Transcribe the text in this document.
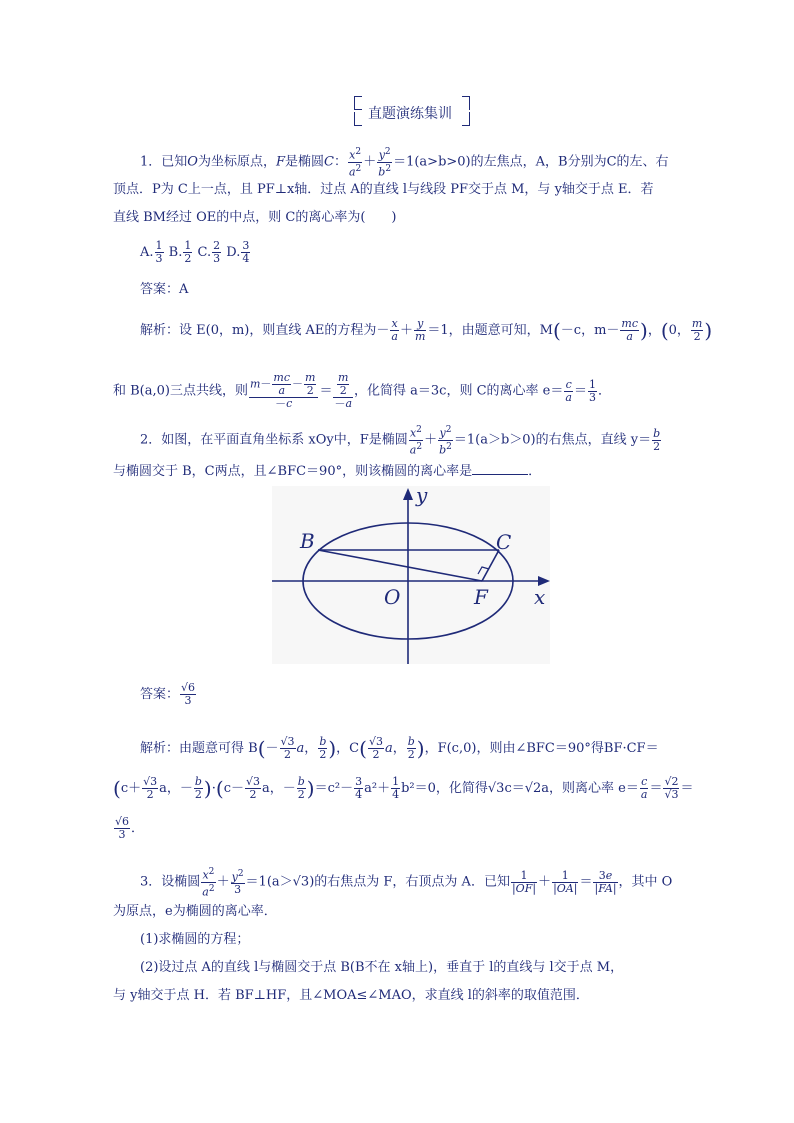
直题演练集训
1．已知O为坐标原点，F是椭圆C： $\frac{x^2}{a^2} + \frac{y^2}{b^2} =1(a>b>0)$的左焦点，A，B分别为C的左、右
顶点．P为 C上一点，且 PF⊥x轴．过点 A的直线 l与线段 PF交于点 M，与 y轴交于点 E．若
直线 BM经过 OE的中点，则 C的离心率为(　　)
A. $\frac{1}{3} B$. $\frac{1}{2} C$. $\frac{2}{3} D$. $\frac{3}{4}$
答案：A
解析：设 E(0，m)，则直线 AE的方程为－ $\frac{x}{a} + \frac{y}{m} =1$，由题意可知，M(－c，$m- \frac{mc}{a}$ )，(0， $\frac{m}{2}$ )
和 B(a,0)三点共线，则 $m- \frac{mc}{a} - \frac{m}{2}$
－c
＝ $\frac{\frac{m}{2}}{-a}$ ，化简得 a＝3c，则 C的离心率 $e= \frac{c}{a} = \frac{1}{3}$ ．
2．如图，在平面直角坐标系 xOy中，F是椭圆 $\frac{x^2}{a^2} + \frac{y^2}{b^2} =1(a>b>0)$的右焦点，直线 $y= \frac{b}{2}$
与椭圆交于 B，C两点，且∠BFC＝90°，则该椭圆的离心率是	．
y
x
O
B	C
F
答案： $\frac{√6}{3}$
解析：由题意可得 $B(- \frac{√3}{2}$ a， $\frac{b}{2}$ )，$C( \frac{√3}{2}$ a， $\frac{b}{2}$ )，F(c,0)，则由∠BFC＝90°得BF·CF＝
($c+ \frac{√3}{2}$ a，－ $\frac{b}{2} )\cdot(c- \frac{√3}{2}$ a，－ $\frac{b}{2} )=c^2- \frac{3}{4} a^2+ \frac{1}{4} b^2=0$，化简得√3c＝√2a，则离心率 $e= \frac{c}{a} = \frac{√2}{√3}$ ＝
$\frac{√6}{3}$ ．
3．设椭圆 $\frac{x^2}{a^2} + \frac{y^2}{3} =1(a>√3)$的右焦点为 F，右顶点为 A．已知 $\frac{1}{|OF|} + \frac{1}{|OA|} = \frac{3e}{|FA|}$ ，其中 O
为原点，e为椭圆的离心率．
(1)求椭圆的方程；
(2)设过点 A的直线 l与椭圆交于点 B(B不在 x轴上)，垂直于 l的直线与 l交于点 M，
与 y轴交于点 H．若 BF⊥HF，且∠MOA≤∠MAO，求直线 l的斜率的取值范围．
